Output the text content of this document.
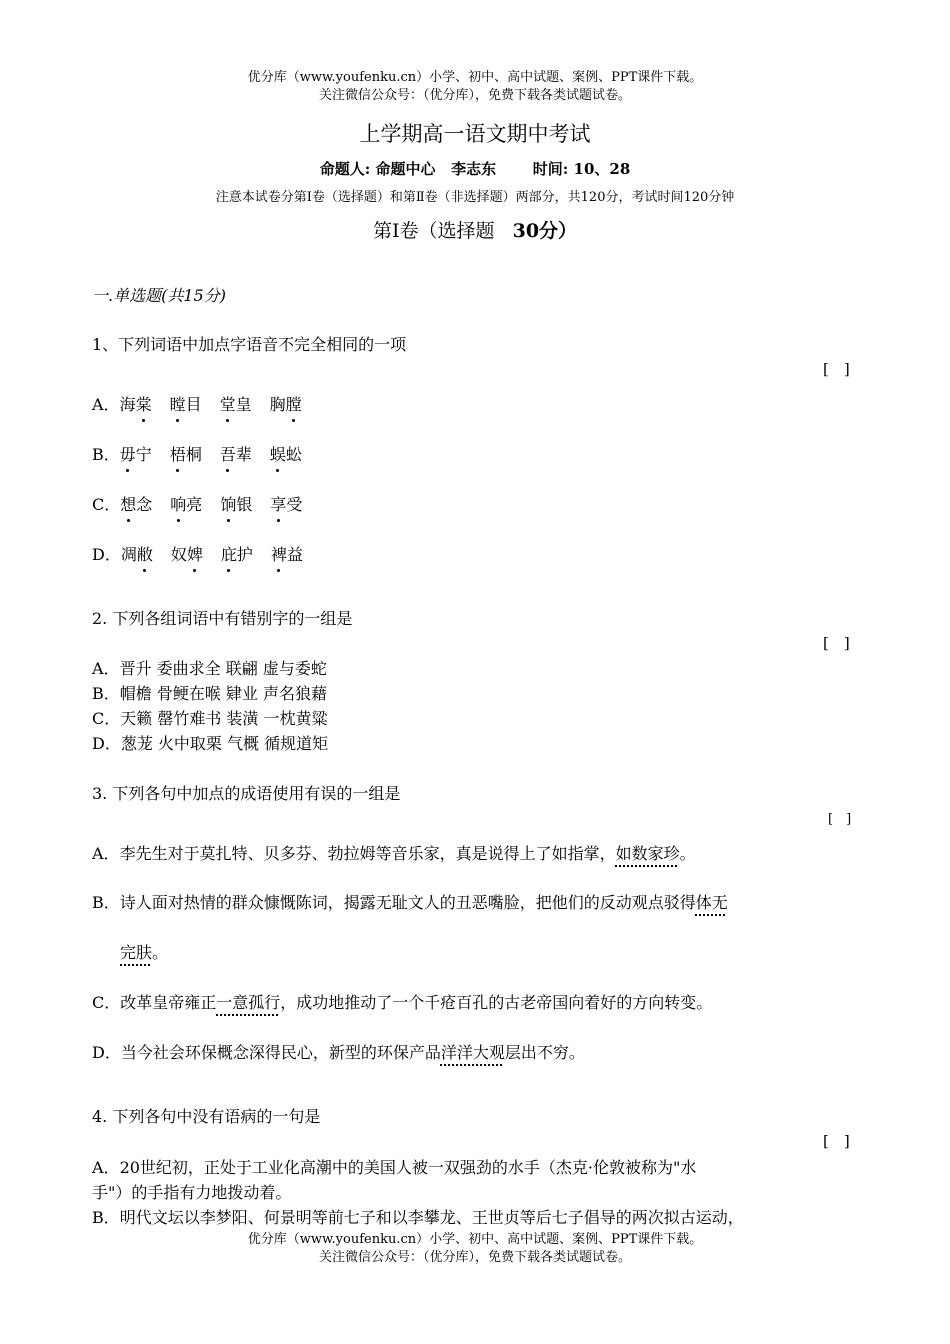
优分库（www.youfenku.cn）小学、初中、高中试题、案例、PPT课件下载。
关注微信公众号：（优分库），免费下载各类试题试卷。
上学期高一语文期中考试
命题人: 命题中心 李志东 时间: 10、28
注意本试卷分第Ⅰ卷（选择题）和第Ⅱ卷（非选择题）两部分，共120分，考试时间120分钟
第Ⅰ卷（选择题 30分）
一.单选题(共15分)
1、下列词语中加点字语音不完全相同的一项
[　]
A．海棠 瞠目 堂皇 胸膛
B．毋宁 梧桐 吾辈 蜈蚣
C．想念 响亮 饷银 享受
D．凋敝 奴婢 庇护 裨益
2. 下列各组词语中有错别字的一组是
[　]
A．晋升 委曲求全 联翩 虚与委蛇
B．帽檐 骨鲠在喉 肄业 声名狼藉
C．天籁 罄竹难书 装潢 一枕黄粱
D．葱茏 火中取栗 气概 循规道矩
3. 下列各句中加点的成语使用有误的一组是
[　]
A．李先生对于莫扎特、贝多芬、勃拉姆等音乐家，真是说得上了如指掌，如数家珍。
B．诗人面对热情的群众慷慨陈词，揭露无耻文人的丑恶嘴脸，把他们的反动观点驳得体无
完肤。
C．改革皇帝雍正一意孤行，成功地推动了一个千疮百孔的古老帝国向着好的方向转变。
D．当今社会环保概念深得民心，新型的环保产品洋洋大观层出不穷。
4. 下列各句中没有语病的一句是
[　]
A．20世纪初，正处于工业化高潮中的美国人被一双强劲的水手（杰克·伦敦被称为"水
手"）的手指有力地拨动着。
B．明代文坛以李梦阳、何景明等前七子和以李攀龙、王世贞等后七子倡导的两次拟古运动，
优分库（www.youfenku.cn）小学、初中、高中试题、案例、PPT课件下载。
关注微信公众号：（优分库），免费下载各类试题试卷。
